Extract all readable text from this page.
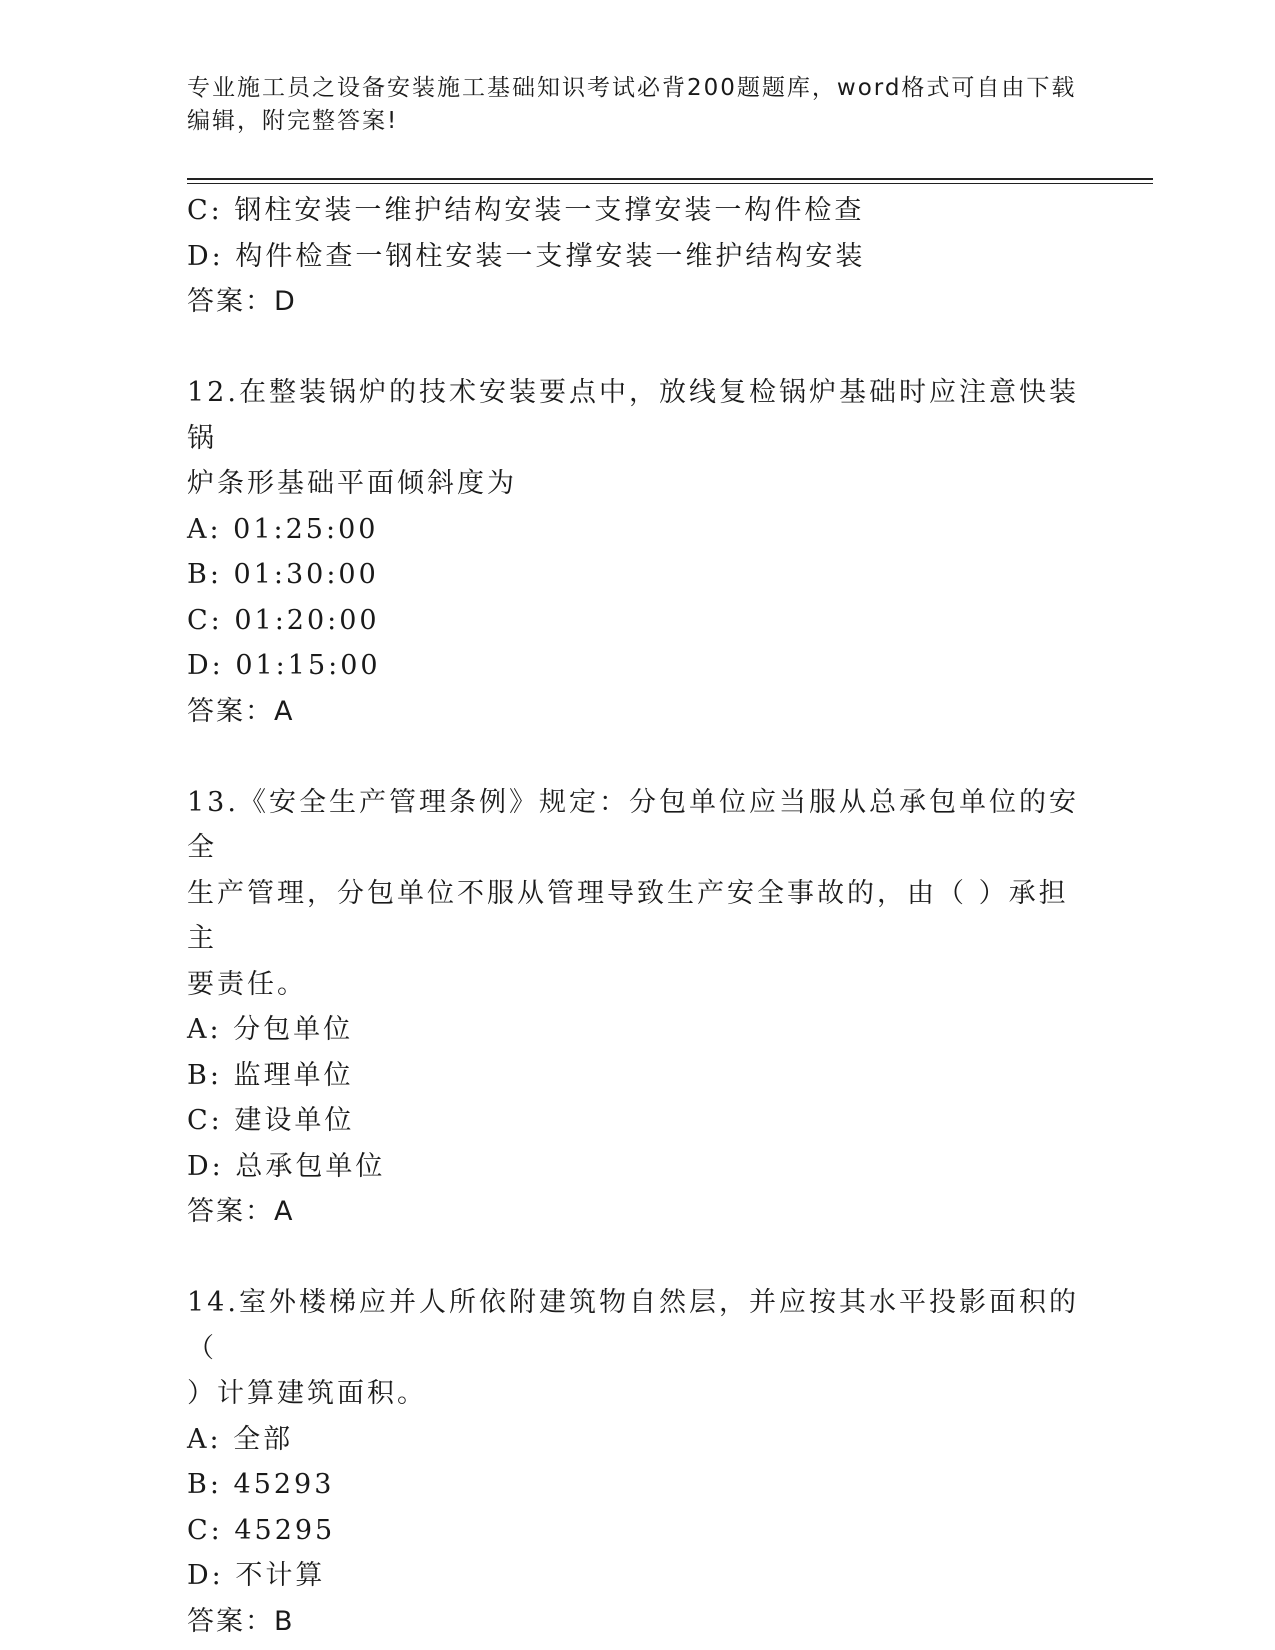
专业施工员之设备安装施工基础知识考试必背200题题库，word格式可自由下载
编辑，附完整答案!
C: 钢柱安装一维护结构安装一支撑安装一构件检查
D: 构件检查一钢柱安装一支撑安装一维护结构安装
答案：D
12.在整装锅炉的技术安装要点中，放线复检锅炉基础时应注意快装锅
炉条形基础平面倾斜度为
A: 01:25:00
B: 01:30:00
C: 01:20:00
D: 01:15:00
答案：A
13.《安全生产管理条例》规定：分包单位应当服从总承包单位的安全
生产管理，分包单位不服从管理导致生产安全事故的，由（ ）承担主
要责任。
A: 分包单位
B: 监理单位
C: 建设单位
D: 总承包单位
答案：A
14.室外楼梯应并人所依附建筑物自然层，并应按其水平投影面积的（
）计算建筑面积。
A: 全部
B: 45293
C: 45295
D: 不计算
答案：B
